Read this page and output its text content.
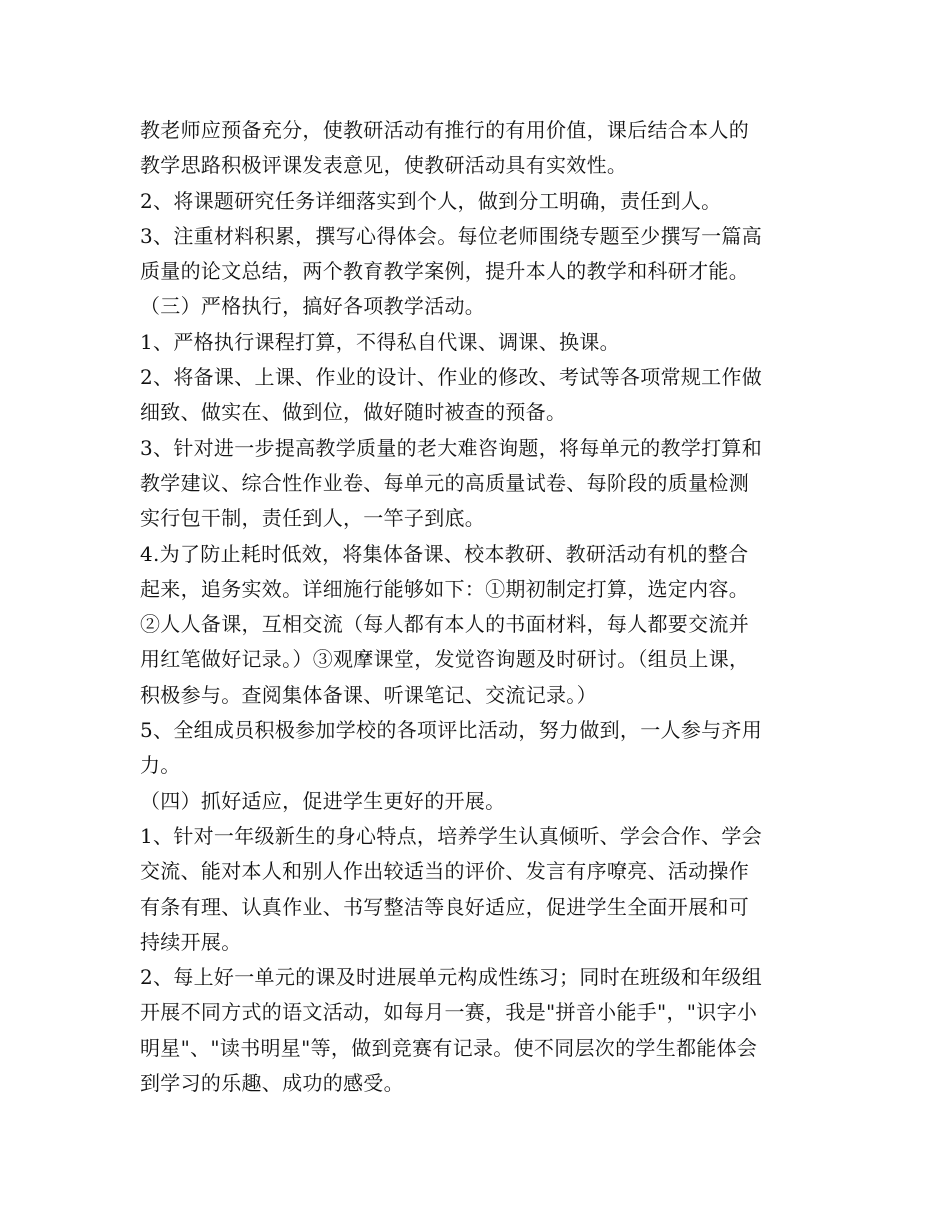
教老师应预备充分，使教研活动有推行的有用价值，课后结合本人的
教学思路积极评课发表意见，使教研活动具有实效性。
2、将课题研究任务详细落实到个人，做到分工明确，责任到人。
3、注重材料积累，撰写心得体会。每位老师围绕专题至少撰写一篇高
质量的论文总结，两个教育教学案例，提升本人的教学和科研才能。
（三）严格执行，搞好各项教学活动。
1、严格执行课程打算，不得私自代课、调课、换课。
2、将备课、上课、作业的设计、作业的修改、考试等各项常规工作做
细致、做实在、做到位，做好随时被查的预备。
3、针对进一步提高教学质量的老大难咨询题，将每单元的教学打算和
教学建议、综合性作业卷、每单元的高质量试卷、每阶段的质量检测
实行包干制，责任到人，一竿子到底。
4.为了防止耗时低效，将集体备课、校本教研、教研活动有机的整合
起来，追务实效。详细施行能够如下：①期初制定打算，选定内容。
②人人备课，互相交流（每人都有本人的书面材料，每人都要交流并
用红笔做好记录。）③观摩课堂，发觉咨询题及时研讨。（组员上课，
积极参与。查阅集体备课、听课笔记、交流记录。）
5、全组成员积极参加学校的各项评比活动，努力做到，一人参与齐用
力。
（四）抓好适应，促进学生更好的开展。
1、针对一年级新生的身心特点，培养学生认真倾听、学会合作、学会
交流、能对本人和别人作出较适当的评价、发言有序嘹亮、活动操作
有条有理、认真作业、书写整洁等良好适应，促进学生全面开展和可
持续开展。
2、每上好一单元的课及时进展单元构成性练习；同时在班级和年级组
开展不同方式的语文活动，如每月一赛，我是"拼音小能手"，"识字小
明星"、"读书明星"等，做到竞赛有记录。使不同层次的学生都能体会
到学习的乐趣、成功的感受。
